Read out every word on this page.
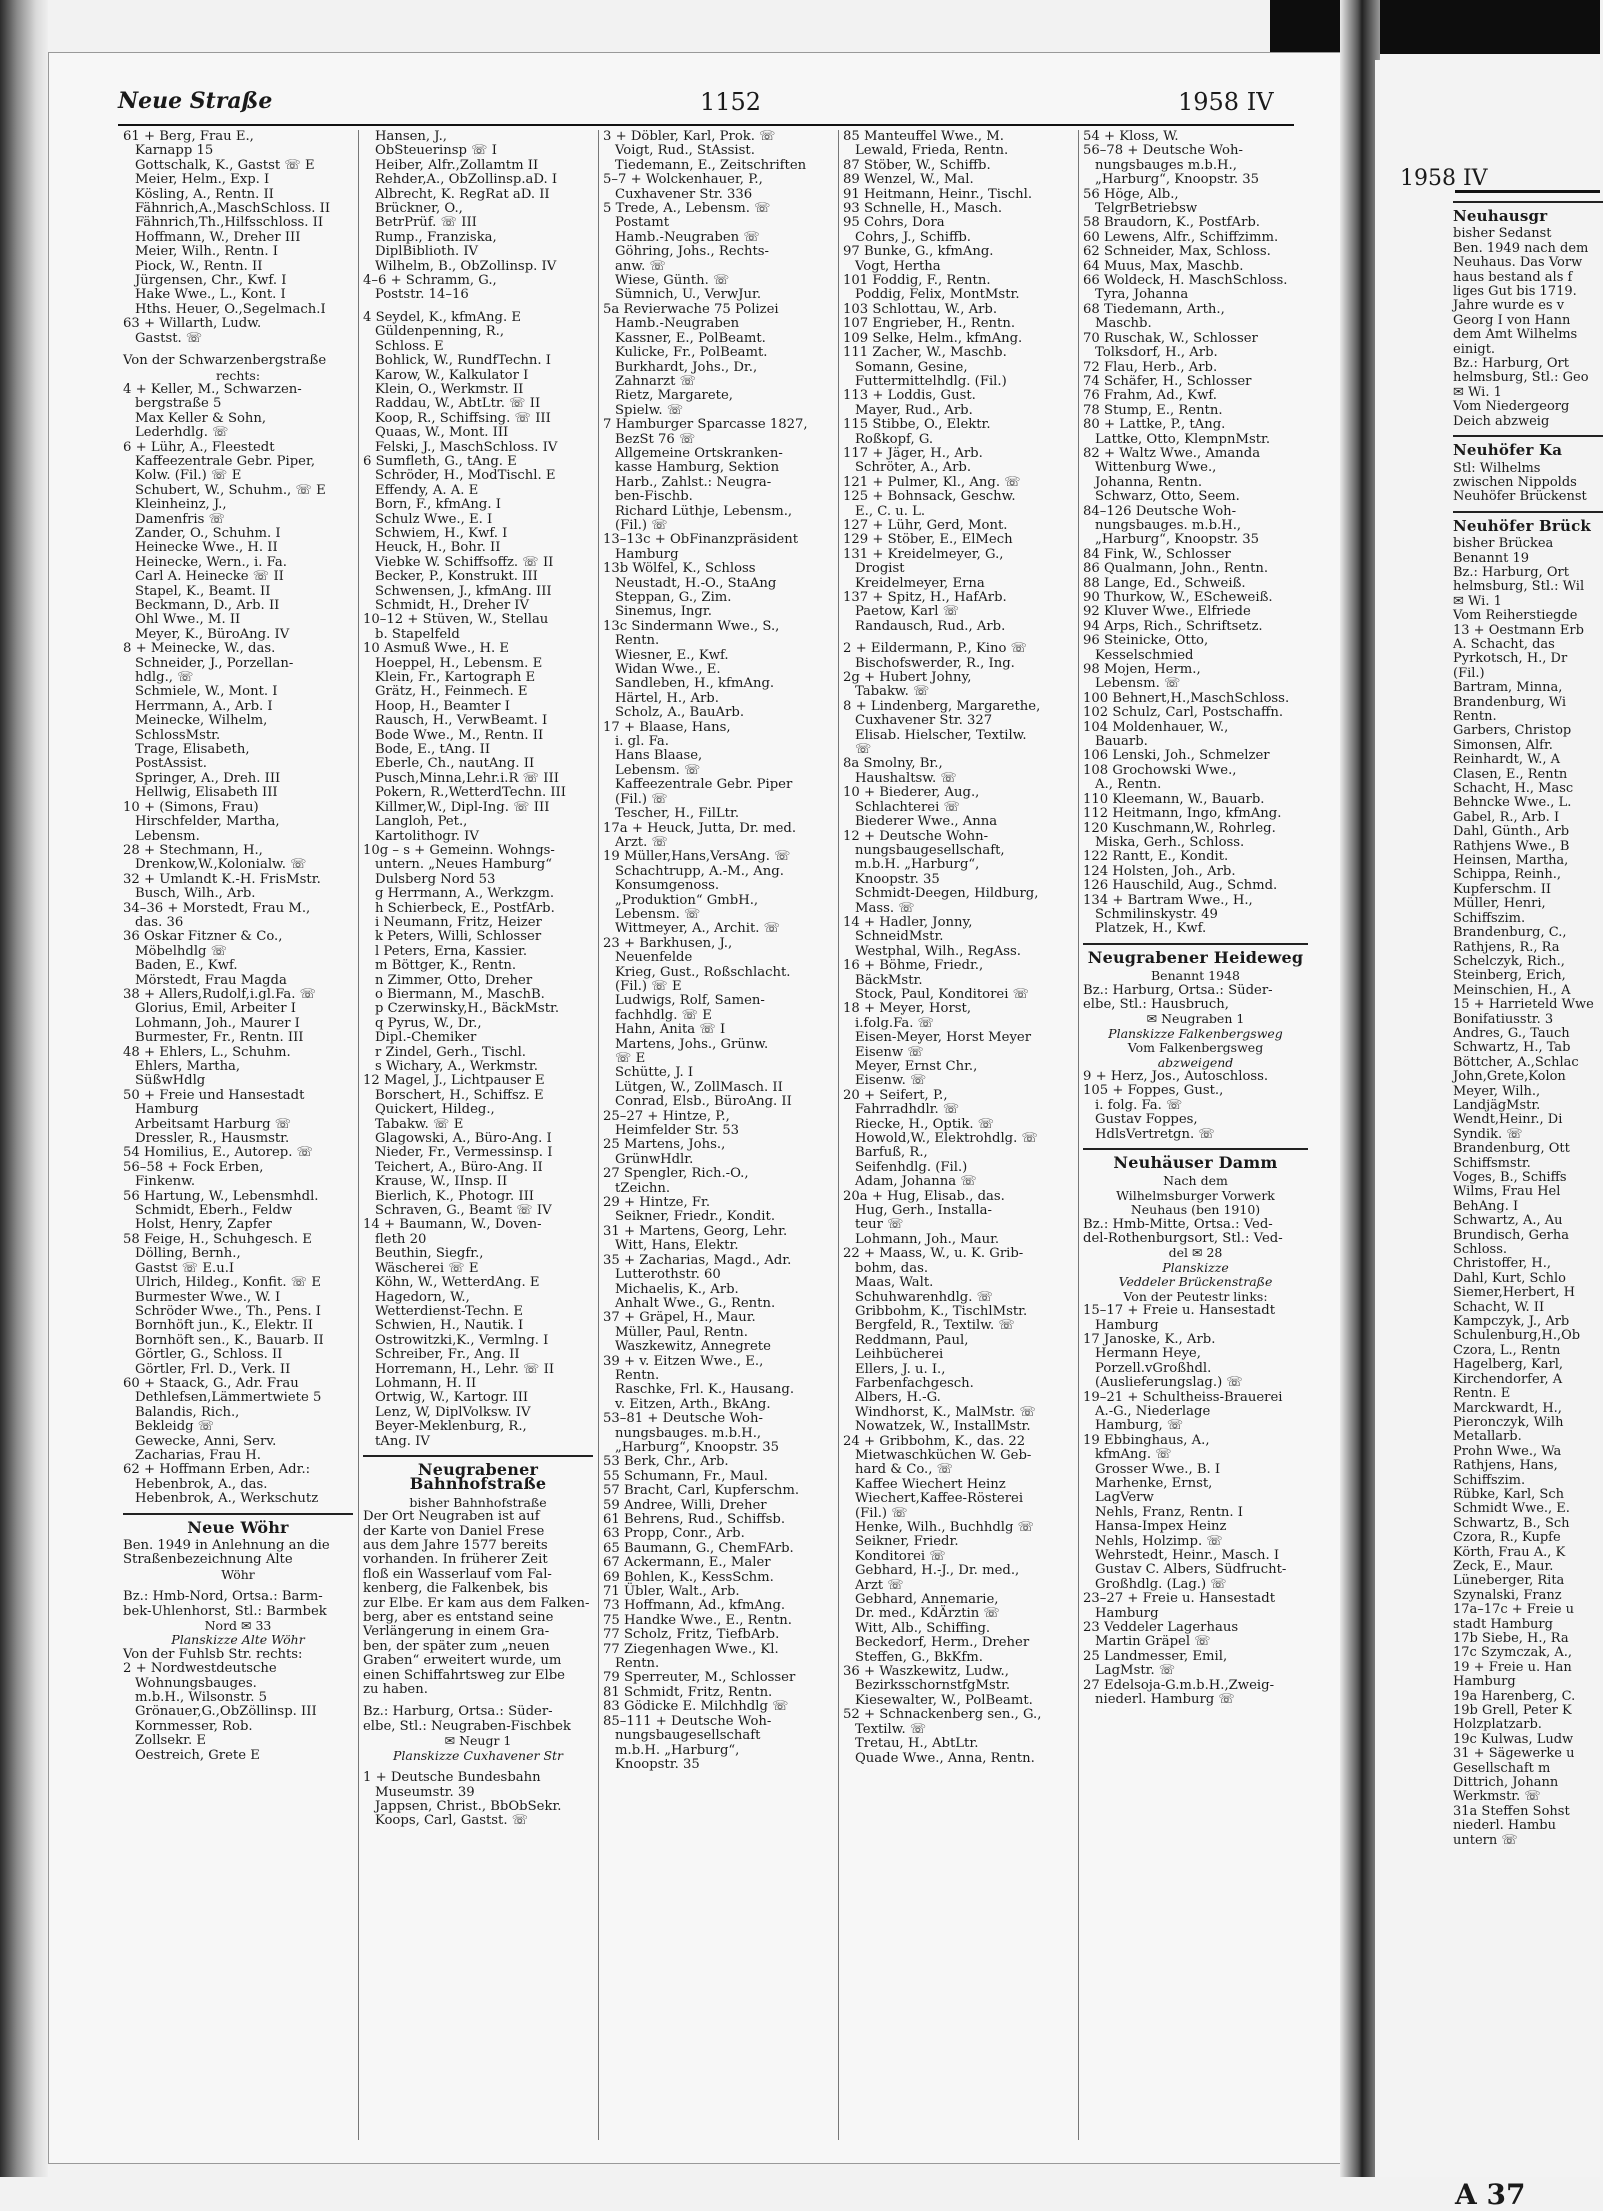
Neue Straße	1152	1958 IV
61 + Berg, Frau E.,
Karnapp 15
Gottschalk, K., Gastst ☏ E
Meier, Helm., Exp. I
Kösling, A., Rentn. II
Fähnrich,A.,MaschSchloss. II
Fähnrich,Th.,Hilfsschloss. II
Hoffmann, W., Dreher III
Meier, Wilh., Rentn. I
Piock, W., Rentn. II
Jürgensen, Chr., Kwf. I
Hake Wwe., L., Kont. I
Hths. Heuer, O.,Segelmach.I
63 + Willarth, Ludw.
Gastst. ☏
Von der Schwarzenbergstraße
rechts:
4 + Keller, M., Schwarzen-
bergstraße 5
Max Keller & Sohn,
Lederhdlg. ☏
6 + Lühr, A., Fleestedt
Kaffeezentrale Gebr. Piper,
Kolw. (Fil.) ☏ E
Schubert, W., Schuhm., ☏ E
Kleinheinz, J.,
Damenfris ☏
Zander, O., Schuhm. I
Heinecke Wwe., H. II
Heinecke, Wern., i. Fa.
Carl A. Heinecke ☏ II
Stapel, K., Beamt. II
Beckmann, D., Arb. II
Ohl Wwe., M. II
Meyer, K., BüroAng. IV
8 + Meinecke, W., das.
Schneider, J., Porzellan-
hdlg., ☏
Schmiele, W., Mont. I
Herrmann, A., Arb. I
Meinecke, Wilhelm,
SchlossMstr.
Trage, Elisabeth,
PostAssist.
Springer, A., Dreh. III
Hellwig, Elisabeth III
10 + (Simons, Frau)
Hirschfelder, Martha,
Lebensm.
28 + Stechmann, H.,
Drenkow,W.,Kolonialw. ☏
32 + Umlandt K.-H. FrisMstr.
Busch, Wilh., Arb.
34–36 + Morstedt, Frau M.,
das. 36
36 Oskar Fitzner & Co.,
Möbelhdlg ☏
Baden, E., Kwf.
Mörstedt, Frau Magda
38 + Allers,Rudolf,i.gl.Fa. ☏
Glorius, Emil, Arbeiter I
Lohmann, Joh., Maurer I
Burmester, Fr., Rentn. III
48 + Ehlers, L., Schuhm.
Ehlers, Martha,
SüßwHdlg
50 + Freie und Hansestadt
Hamburg
Arbeitsamt Harburg ☏
Dressler, R., Hausmstr.
54 Homilius, E., Autorep. ☏
56–58 + Fock Erben,
Finkenw.
56 Hartung, W., Lebensmhdl.
Schmidt, Eberh., Feldw
Holst, Henry, Zapfer
58 Feige, H., Schuhgesch. E
Dölling, Bernh.,
Gastst ☏ E.u.I
Ulrich, Hildeg., Konfit. ☏ E
Burmester Wwe., W. I
Schröder Wwe., Th., Pens. I
Bornhöft jun., K., Elektr. II
Bornhöft sen., K., Bauarb. II
Görtler, G., Schloss. II
Görtler, Frl. D., Verk. II
60 + Staack, G., Adr. Frau
Dethlefsen,Lämmertwiete 5
Balandis, Rich.,
Bekleidg ☏
Gewecke, Anni, Serv.
Zacharias, Frau H.
62 + Hoffmann Erben, Adr.:
Hebenbrok, A., das.
Hebenbrok, A., Werkschutz
Neue Wöhr
Ben. 1949 in Anlehnung an die
Straßenbezeichnung Alte
Wöhr
Bz.: Hmb-Nord, Ortsa.: Barm-
bek-Uhlenhorst, Stl.: Barmbek
Nord ✉ 33
Planskizze Alte Wöhr
Von der Fuhlsb Str. rechts:
2 + Nordwestdeutsche
Wohnungsbauges.
m.b.H., Wilsonstr. 5
Grönauer,G.,ObZöllinsp. III
Kornmesser, Rob.
Zollsekr. E
Oestreich, Grete E
Hansen, J.,
ObSteuerinsp ☏ I
Heiber, Alfr.,Zollamtm II
Rehder,A., ObZollinsp.aD. I
Albrecht, K. RegRat aD. II
Brückner, O.,
BetrPrüf. ☏ III
Rump., Franziska,
DiplBiblioth. IV
Wilhelm, B., ObZollinsp. IV
4–6 + Schramm, G.,
Poststr. 14–16
4 Seydel, K., kfmAng. E
Güldenpenning, R.,
Schloss. E
Bohlick, W., RundfTechn. I
Karow, W., Kalkulator I
Klein, O., Werkmstr. II
Raddau, W., AbtLtr. ☏ II
Koop, R., Schiffsing. ☏ III
Quaas, W., Mont. III
Felski, J., MaschSchloss. IV
6 Sumfleth, G., tAng. E
Schröder, H., ModTischl. E
Effendy, A. A. E
Born, F., kfmAng. I
Schulz Wwe., E. I
Schwiem, H., Kwf. I
Heuck, H., Bohr. II
Viebke W. Schiffsoffz. ☏ II
Becker, P., Konstrukt. III
Schwensen, J., kfmAng. III
Schmidt, H., Dreher IV
10–12 + Stüven, W., Stellau
b. Stapelfeld
10 Asmuß Wwe., H. E
Hoeppel, H., Lebensm. E
Klein, Fr., Kartograph E
Grätz, H., Feinmech. E
Hoop, H., Beamter I
Rausch, H., VerwBeamt. I
Bode Wwe., M., Rentn. II
Bode, E., tAng. II
Eberle, Ch., nautAng. II
Pusch,Minna,Lehr.i.R ☏ III
Pokern, R.,WetterdTechn. III
Killmer,W., Dipl-Ing. ☏ III
Langloh, Pet.,
Kartolithogr. IV
10g – s + Gemeinn. Wohngs-
untern. „Neues Hamburg“
Dulsberg Nord 53
g Herrmann, A., Werkzgm.
h Schierbeck, E., PostfArb.
i Neumann, Fritz, Heizer
k Peters, Willi, Schlosser
l Peters, Erna, Kassier.
m Böttger, K., Rentn.
n Zimmer, Otto, Dreher
o Biermann, M., MaschB.
p Czerwinsky,H., BäckMstr.
q Pyrus, W., Dr.,
Dipl.-Chemiker
r Zindel, Gerh., Tischl.
s Wichary, A., Werkmstr.
12 Magel, J., Lichtpauser E
Borschert, H., Schiffsz. E
Quickert, Hildeg.,
Tabakw. ☏ E
Glagowski, A., Büro-Ang. I
Nieder, Fr., Vermessinsp. I
Teichert, A., Büro-Ang. II
Krause, W., IInsp. II
Bierlich, K., Photogr. III
Schraven, G., Beamt ☏ IV
14 + Baumann, W., Doven-
fleth 20
Beuthin, Siegfr.,
Wäscherei ☏ E
Köhn, W., WetterdAng. E
Hagedorn, W.,
Wetterdienst-Techn. E
Schwien, H., Nautik. I
Ostrowitzki,K., Vermlng. I
Schreiber, Fr., Ang. II
Horremann, H., Lehr. ☏ II
Lohmann, H. II
Ortwig, W., Kartogr. III
Lenz, W, DiplVolksw. IV
Beyer-Meklenburg, R.,
tAng. IV
Neugrabener Bahnhofstraße
bisher Bahnhofstraße
Der Ort Neugraben ist auf
der Karte von Daniel Frese
aus dem Jahre 1577 bereits
vorhanden. In früherer Zeit
floß ein Wasserlauf vom Fal-
kenberg, die Falkenbek, bis
zur Elbe. Er kam aus dem Falken-
berg, aber es entstand seine
Verlängerung in einem Gra-
ben, der später zum „neuen
Graben“ erweitert wurde, um
einen Schiffahrtsweg zur Elbe
zu haben.
Bz.: Harburg, Ortsa.: Süder-
elbe, Stl.: Neugraben-Fischbek
✉ Neugr 1
Planskizze Cuxhavener Str
1 + Deutsche Bundesbahn
Museumstr. 39
Jappsen, Christ., BbObSekr.
Koops, Carl, Gastst. ☏
3 + Döbler, Karl, Prok. ☏
Voigt, Rud., StAssist.
Tiedemann, E., Zeitschriften
5–7 + Wolckenhauer, P.,
Cuxhavener Str. 336
5 Trede, A., Lebensm. ☏
Postamt
Hamb.-Neugraben ☏
Göhring, Johs., Rechts-
anw. ☏
Wiese, Günth. ☏
Sümnich, U., VerwJur.
5a Revierwache 75 Polizei
Hamb.-Neugraben
Kassner, E., PolBeamt.
Kulicke, Fr., PolBeamt.
Burkhardt, Johs., Dr.,
Zahnarzt ☏
Rietz, Margarete,
Spielw. ☏
7 Hamburger Sparcasse 1827,
BezSt 76 ☏
Allgemeine Ortskranken-
kasse Hamburg, Sektion
Harb., Zahlst.: Neugra-
ben-Fischb.
Richard Lüthje, Lebensm.,
(Fil.) ☏
13–13c + ObFinanzpräsident
Hamburg
13b Wölfel, K., Schloss
Neustadt, H.-O., StaAng
Steppan, G., Zim.
Sinemus, Ingr.
13c Sindermann Wwe., S.,
Rentn.
Wiesner, E., Kwf.
Widan Wwe., E.
Sandleben, H., kfmAng.
Härtel, H., Arb.
Scholz, A., BauArb.
17 + Blaase, Hans,
i. gl. Fa.
Hans Blaase,
Lebensm. ☏
Kaffeezentrale Gebr. Piper
(Fil.) ☏
Tescher, H., FilLtr.
17a + Heuck, Jutta, Dr. med.
Arzt. ☏
19 Müller,Hans,VersAng. ☏
Schachtrupp, A.-M., Ang.
Konsumgenoss.
„Produktion“ GmbH.,
Lebensm. ☏
Wittmeyer, A., Archit. ☏
23 + Barkhusen, J.,
Neuenfelde
Krieg, Gust., Roßschlacht.
(Fil.) ☏ E
Ludwigs, Rolf, Samen-
fachhdlg. ☏ E
Hahn, Anita ☏ I
Martens, Johs., Grünw.
☏ E
Schütte, J. I
Lütgen, W., ZollMasch. II
Conrad, Elsb., BüroAng. II
25–27 + Hintze, P.,
Heimfelder Str. 53
25 Martens, Johs.,
GrünwHdlr.
27 Spengler, Rich.-O.,
tZeichn.
29 + Hintze, Fr.
Seikner, Friedr., Kondit.
31 + Martens, Georg, Lehr.
Witt, Hans, Elektr.
35 + Zacharias, Magd., Adr.
Lutterothstr. 60
Michaelis, K., Arb.
Anhalt Wwe., G., Rentn.
37 + Gräpel, H., Maur.
Müller, Paul, Rentn.
Waszkewitz, Annegrete
39 + v. Eitzen Wwe., E.,
Rentn.
Raschke, Frl. K., Hausang.
v. Eitzen, Arth., BkAng.
53–81 + Deutsche Woh-
nungsbauges. m.b.H.,
„Harburg“, Knoopstr. 35
53 Berk, Chr., Arb.
55 Schumann, Fr., Maul.
57 Bracht, Carl, Kupferschm.
59 Andree, Willi, Dreher
61 Behrens, Rud., Schiffsb.
63 Propp, Conr., Arb.
65 Baumann, G., ChemFArb.
67 Ackermann, E., Maler
69 Bohlen, K., KessSchm.
71 Übler, Walt., Arb.
73 Hoffmann, Ad., kfmAng.
75 Handke Wwe., E., Rentn.
77 Scholz, Fritz, TiefbArb.
77 Ziegenhagen Wwe., Kl.
Rentn.
79 Sperreuter, M., Schlosser
81 Schmidt, Fritz, Rentn.
83 Gödicke E. Milchhdlg ☏
85–111 + Deutsche Woh-
nungsbaugesellschaft
m.b.H. „Harburg“,
Knoopstr. 35
85 Manteuffel Wwe., M.
Lewald, Frieda, Rentn.
87 Stöber, W., Schiffb.
89 Wenzel, W., Mal.
91 Heitmann, Heinr., Tischl.
93 Schnelle, H., Masch.
95 Cohrs, Dora
Cohrs, J., Schiffb.
97 Bunke, G., kfmAng.
Vogt, Hertha
101 Foddig, F., Rentn.
Poddig, Felix, MontMstr.
103 Schlottau, W., Arb.
107 Engrieber, H., Rentn.
109 Selke, Helm., kfmAng.
111 Zacher, W., Maschb.
Somann, Gesine,
Futtermittelhdlg. (Fil.)
113 + Loddis, Gust.
Mayer, Rud., Arb.
115 Stibbe, O., Elektr.
Roßkopf, G.
117 + Jäger, H., Arb.
Schröter, A., Arb.
121 + Pulmer, Kl., Ang. ☏
125 + Bohnsack, Geschw.
E., C. u. L.
127 + Lühr, Gerd, Mont.
129 + Stöber, E., ElMech
131 + Kreidelmeyer, G.,
Drogist
Kreidelmeyer, Erna
137 + Spitz, H., HafArb.
Paetow, Karl ☏
Randausch, Rud., Arb.
2 + Eildermann, P., Kino ☏
Bischofswerder, R., Ing.
2g + Hubert Johny,
Tabakw. ☏
8 + Lindenberg, Margarethe,
Cuxhavener Str. 327
Elisab. Hielscher, Textilw.
☏
8a Smolny, Br.,
Haushaltsw. ☏
10 + Biederer, Aug.,
Schlachterei ☏
Biederer Wwe., Anna
12 + Deutsche Wohn-
nungsbaugesellschaft,
m.b.H. „Harburg“,
Knoopstr. 35
Schmidt-Deegen, Hildburg,
Mass. ☏
14 + Hadler, Jonny,
SchneidMstr.
Westphal, Wilh., RegAss.
16 + Böhme, Friedr.,
BäckMstr.
Stock, Paul, Konditorei ☏
18 + Meyer, Horst,
i.folg.Fa. ☏
Eisen-Meyer, Horst Meyer
Eisenw ☏
Meyer, Ernst Chr.,
Eisenw. ☏
20 + Seifert, P.,
Fahrradhdlr. ☏
Riecke, H., Optik. ☏
Howold,W., Elektrohdlg. ☏
Barfuß, R.,
Seifenhdlg. (Fil.)
Adam, Johanna ☏
20a + Hug, Elisab., das.
Hug, Gerh., Installa-
teur ☏
Lohmann, Joh., Maur.
22 + Maass, W., u. K. Grib-
bohm, das.
Maas, Walt.
Schuhwarenhdlg. ☏
Gribbohm, K., TischlMstr.
Bergfeld, R., Textilw. ☏
Reddmann, Paul,
Leihbücherei
Ellers, J. u. I.,
Farbenfachgesch.
Albers, H.-G.
Windhorst, K., MalMstr. ☏
Nowatzek, W., InstallMstr.
24 + Gribbohm, K., das. 22
Mietwaschküchen W. Geb-
hard & Co., ☏
Kaffee Wiechert Heinz
Wiechert,Kaffee-Rösterei
(Fil.) ☏
Henke, Wilh., Buchhdlg ☏
Seikner, Friedr.
Konditorei ☏
Gebhard, H.-J., Dr. med.,
Arzt ☏
Gebhard, Annemarie,
Dr. med., KdÄrztin ☏
Witt, Alb., Schiffing.
Beckedorf, Herm., Dreher
Steffen, G., BkKfm.
36 + Waszkewitz, Ludw.,
BezirksschornstfgMstr.
Kiesewalter, W., PolBeamt.
52 + Schnackenberg sen., G.,
Textilw. ☏
Tretau, H., AbtLtr.
Quade Wwe., Anna, Rentn.
54 + Kloss, W.
56–78 + Deutsche Woh-
nungsbauges m.b.H.,
„Harburg“, Knoopstr. 35
56 Höge, Alb.,
TelgrBetriebsw
58 Braudorn, K., PostfArb.
60 Lewens, Alfr., Schiffzimm.
62 Schneider, Max, Schloss.
64 Muus, Max, Maschb.
66 Woldeck, H. MaschSchloss.
Tyra, Johanna
68 Tiedemann, Arth.,
Maschb.
70 Ruschak, W., Schlosser
Tolksdorf, H., Arb.
72 Flau, Herb., Arb.
74 Schäfer, H., Schlosser
76 Frahm, Ad., Kwf.
78 Stump, E., Rentn.
80 + Lattke, P., tAng.
Lattke, Otto, KlempnMstr.
82 + Waltz Wwe., Amanda
Wittenburg Wwe.,
Johanna, Rentn.
Schwarz, Otto, Seem.
84–126 Deutsche Woh-
nungsbauges. m.b.H.,
„Harburg“, Knoopstr. 35
84 Fink, W., Schlosser
86 Qualmann, John., Rentn.
88 Lange, Ed., Schweiß.
90 Thurkow, W., EScheweiß.
92 Kluver Wwe., Elfriede
94 Arps, Rich., Schriftsetz.
96 Steinicke, Otto,
Kesselschmied
98 Mojen, Herm.,
Lebensm. ☏
100 Behnert,H.,MaschSchloss.
102 Schulz, Carl, Postschaffn.
104 Moldenhauer, W.,
Bauarb.
106 Lenski, Joh., Schmelzer
108 Grochowski Wwe.,
A., Rentn.
110 Kleemann, W., Bauarb.
112 Heitmann, Ingo, kfmAng.
120 Kuschmann,W., Rohrleg.
Miska, Gerh., Schloss.
122 Rantt, E., Kondit.
124 Holsten, Joh., Arb.
126 Hauschild, Aug., Schmd.
134 + Bartram Wwe., H.,
Schmilinskystr. 49
Platzek, H., Kwf.
Neugrabener Heideweg
Benannt 1948
Bz.: Harburg, Ortsa.: Süder-
elbe, Stl.: Hausbruch,
✉ Neugraben 1
Planskizze Falkenbergsweg
Vom Falkenbergsweg
abzweigend
9 + Herz, Jos., Autoschloss.
105 + Foppes, Gust.,
i. folg. Fa. ☏
Gustav Foppes,
HdlsVertretgn. ☏
Neuhäuser Damm
Nach dem
Wilhelmsburger Vorwerk
Neuhaus (ben 1910)
Bz.: Hmb-Mitte, Ortsa.: Ved-
del-Rothenburgsort, Stl.: Ved-
del ✉ 28
Planskizze
Veddeler Brückenstraße
Von der Peutestr links:
15–17 + Freie u. Hansestadt
Hamburg
17 Janoske, K., Arb.
Hermann Heye,
Porzell.vGroßhdl.
(Auslieferungslag.) ☏
19–21 + Schultheiss-Brauerei
A.-G., Niederlage
Hamburg, ☏
19 Ebbinghaus, A.,
kfmAng. ☏
Grosser Wwe., B. I
Marhenke, Ernst,
LagVerw
Nehls, Franz, Rentn. I
Hansa-Impex Heinz
Nehls, Holzimp. ☏
Wehrstedt, Heinr., Masch. I
Gustav C. Albers, Südfrucht-
Großhdlg. (Lag.) ☏
23–27 + Freie u. Hansestadt
Hamburg
23 Veddeler Lagerhaus
Martin Gräpel ☏
25 Landmesser, Emil,
LagMstr. ☏
27 Edelsoja-G.m.b.H.,Zweig-
niederl. Hamburg ☏
1958 IV
Neuhausgr
bisher Sedanst
Ben. 1949 nach dem
Neuhaus. Das Vorw
haus bestand als f
liges Gut bis 1719.
Jahre wurde es v
Georg I von Hann
dem Amt Wilhelms
einigt.
Bz.: Harburg, Ort
helmsburg, Stl.: Geo
✉ Wi. 1
Vom Niedergeorg
Deich abzweig
Neuhöfer Ka
Stl: Wilhelms
zwischen Nippolds
Neuhöfer Brückenst
Neuhöfer Brück
bisher Brückea
Benannt 19
Bz.: Harburg, Ort
helmsburg, Stl.: Wil
✉ Wi. 1
Vom Reiherstiegde
13 + Oestmann Erb
A. Schacht, das
Pyrkotsch, H., Dr
(Fil.)
Bartram, Minna,
Brandenburg, Wi
Rentn.
Garbers, Christop
Simonsen, Alfr.
Reinhardt, W., A
Clasen, E., Rentn
Schacht, H., Masc
Behncke Wwe., L.
Gabel, R., Arb. I
Dahl, Günth., Arb
Rathjens Wwe., B
Heinsen, Martha,
Schippa, Reinh.,
Kupferschm. II
Müller, Henri,
Schiffszim.
Brandenburg, C.,
Rathjens, R., Ra
Schelczyk, Rich.,
Steinberg, Erich,
Meinschien, H., A
15 + Harrieteld Wwe
Bonifatiusstr. 3
Andres, G., Tauch
Schwartz, H., Tab
Böttcher, A.,Schlac
John,Grete,Kolon
Meyer, Wilh.,
LandjägMstr.
Wendt,Heinr., Di
Syndik. ☏
Brandenburg, Ott
Schiffsmstr.
Voges, B., Schiffs
Wilms, Frau Hel
BehAng. I
Schwartz, A., Au
Brundisch, Gerha
Schloss.
Christoffer, H.,
Dahl, Kurt, Schlo
Siemer,Herbert, H
Schacht, W. II
Kampczyk, J., Arb
Schulenburg,H.,Ob
Czora, L., Rentn
Hagelberg, Karl,
Kirchendorfer, A
Rentn. E
Marckwardt, H.,
Pieronczyk, Wilh
Metallarb.
Prohn Wwe., Wa
Rathjens, Hans,
Schiffszim.
Rübke, Karl, Sch
Schmidt Wwe., E.
Schwartz, B., Sch
Czora, R., Kupfe
Körth, Frau A., K
Zeck, E., Maur.
Lüneberger, Rita
Szynalski, Franz
17a–17c + Freie u
stadt Hamburg
17b Siebe, H., Ra
17c Szymczak, A.,
19 + Freie u. Han
Hamburg
19a Harenberg, C.
19b Grell, Peter K
Holzplatzarb.
19c Kulwas, Ludw
31 + Sägewerke u
Gesellschaft m
Dittrich, Johann
Werkmstr. ☏
31a Steffen Sohst
niederl. Hambu
untern ☏
A 37
